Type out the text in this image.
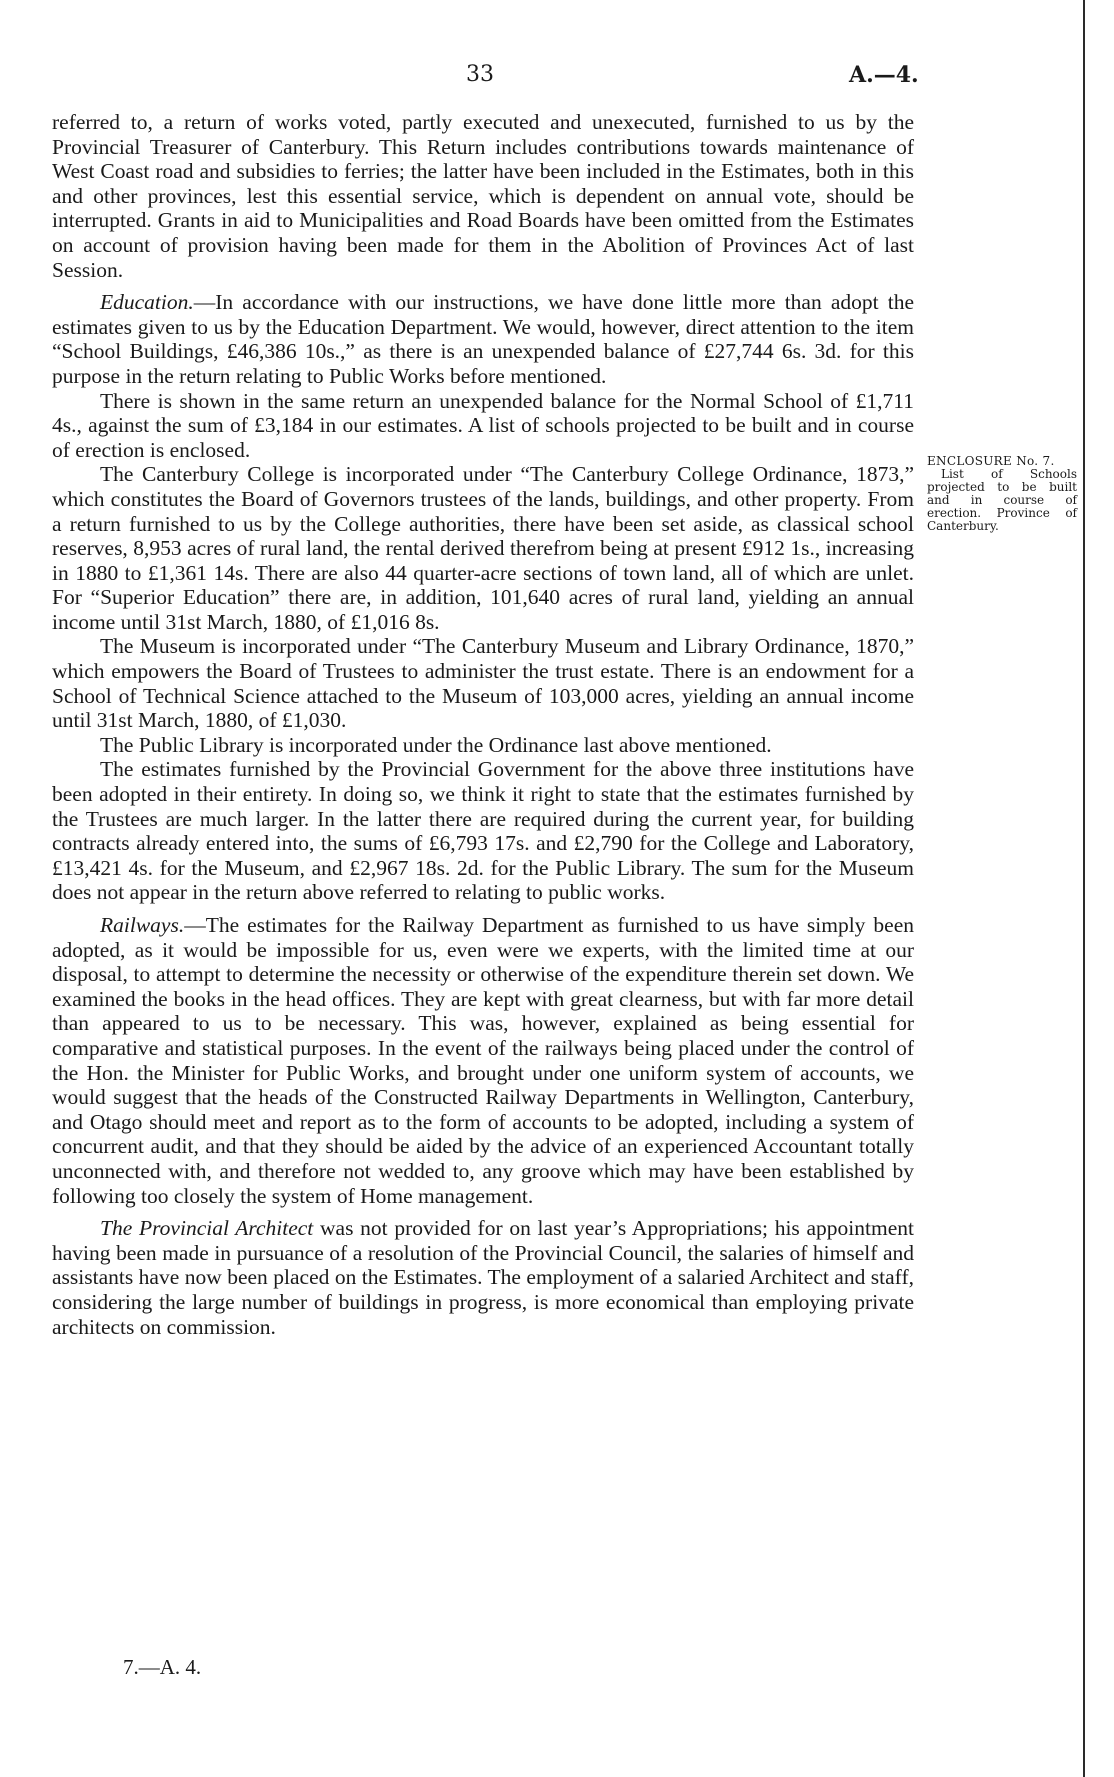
33	A.—4.

referred to, a return of works voted, partly executed and unexecuted, furnished to us by the Provincial Treasurer of Canterbury. This Return includes contributions towards maintenance of West Coast road and subsidies to ferries; the latter have been included in the Estimates, both in this and other provinces, lest this essential service, which is dependent on annual vote, should be interrupted. Grants in aid to Municipalities and Road Boards have been omitted from the Estimates on account of provision having been made for them in the Abolition of Provinces Act of last Session.

Education.—In accordance with our instructions, we have done little more than adopt the estimates given to us by the Education Department. We would, however, direct attention to the item “School Buildings, £46,386 10s.,” as there is an unexpended balance of £27,744 6s. 3d. for this purpose in the return relating to Public Works before mentioned.

There is shown in the same return an unexpended balance for the Normal School of £1,711 4s., against the sum of £3,184 in our estimates. A list of schools projected to be built and in course of erection is enclosed.

The Canterbury College is incorporated under “The Canterbury College Ordinance, 1873,” which constitutes the Board of Governors trustees of the lands, buildings, and other property. From a return furnished to us by the College authorities, there have been set aside, as classical school reserves, 8,953 acres of rural land, the rental derived therefrom being at present £912 1s., increasing in 1880 to £1,361 14s. There are also 44 quarter-acre sections of town land, all of which are unlet. For “Superior Education” there are, in addition, 101,640 acres of rural land, yielding an annual income until 31st March, 1880, of £1,016 8s.

The Museum is incorporated under “The Canterbury Museum and Library Ordinance, 1870,” which empowers the Board of Trustees to administer the trust estate. There is an endowment for a School of Technical Science attached to the Museum of 103,000 acres, yielding an annual income until 31st March, 1880, of £1,030.

The Public Library is incorporated under the Ordinance last above mentioned.

The estimates furnished by the Provincial Government for the above three institutions have been adopted in their entirety. In doing so, we think it right to state that the estimates furnished by the Trustees are much larger. In the latter there are required during the current year, for building contracts already entered into, the sums of £6,793 17s. and £2,790 for the College and Laboratory, £13,421 4s. for the Museum, and £2,967 18s. 2d. for the Public Library. The sum for the Museum does not appear in the return above referred to relating to public works.

Railways.—The estimates for the Railway Department as furnished to us have simply been adopted, as it would be impossible for us, even were we experts, with the limited time at our disposal, to attempt to determine the necessity or otherwise of the expenditure therein set down. We examined the books in the head offices. They are kept with great clearness, but with far more detail than appeared to us to be necessary. This was, however, explained as being essential for comparative and statistical purposes. In the event of the railways being placed under the control of the Hon. the Minister for Public Works, and brought under one uniform system of accounts, we would suggest that the heads of the Constructed Railway Departments in Wellington, Canterbury, and Otago should meet and report as to the form of accounts to be adopted, including a system of concurrent audit, and that they should be aided by the advice of an experienced Accountant totally unconnected with, and therefore not wedded to, any groove which may have been established by following too closely the system of Home management.

The Provincial Architect was not provided for on last year’s Appropriations; his appointment having been made in pursuance of a resolution of the Provincial Council, the salaries of himself and assistants have now been placed on the Estimates. The employment of a salaried Architect and staff, considering the large number of buildings in progress, is more economical than employing private architects on commission.

ENCLOSURE No. 7.
List of Schools projected to be built and in course of erection. Province of Canterbury.
7.—A. 4.
